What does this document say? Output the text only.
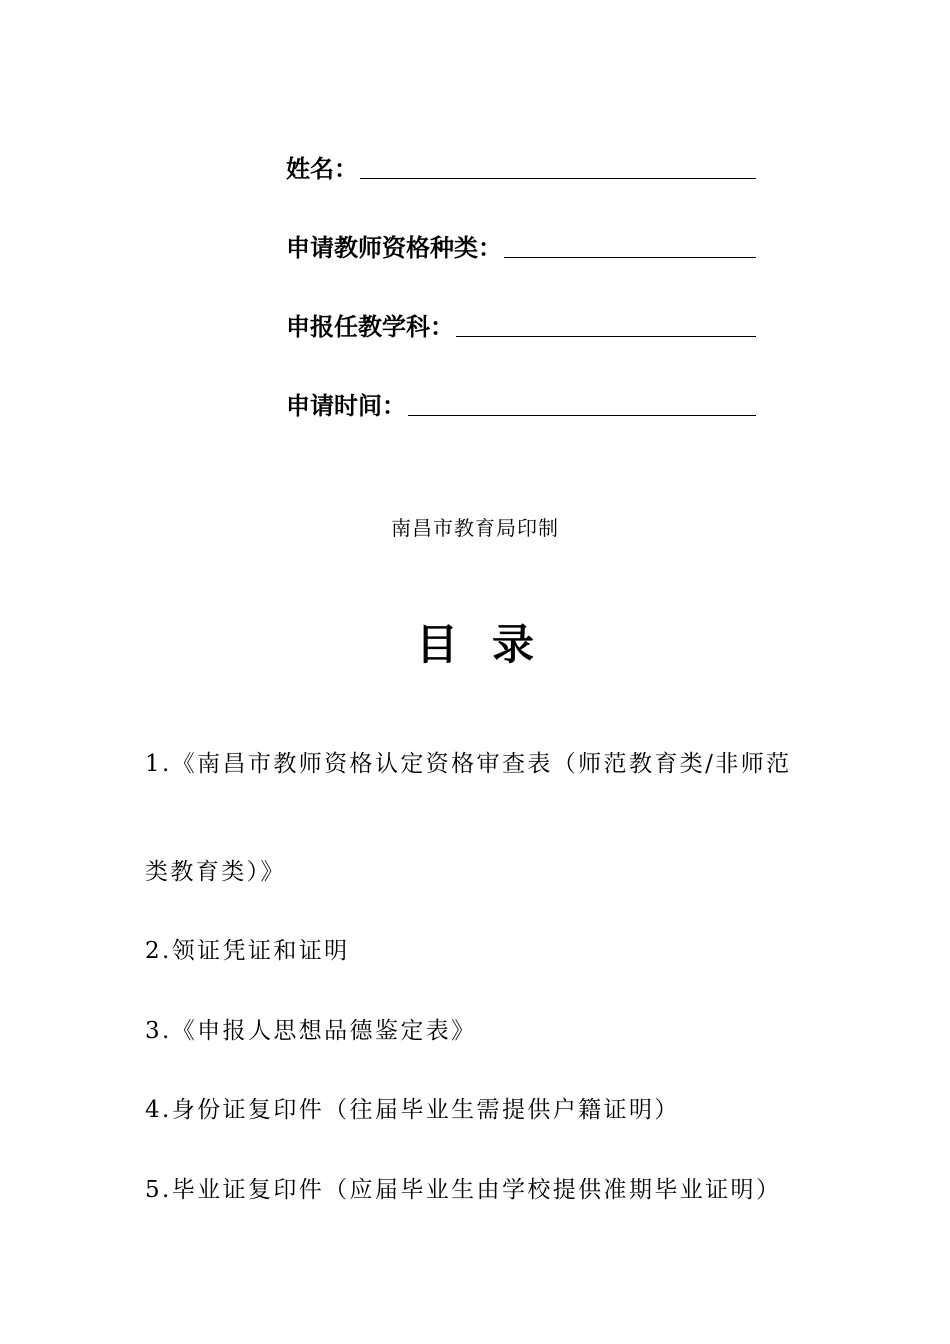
姓名：
申请教师资格种类：
申报任教学科：
申请时间：
南昌市教育局印制
目录
1.《南昌市教师资格认定资格审查表（师范教育类/非师范
类教育类）》
2.领证凭证和证明
3.《申报人思想品德鉴定表》
4.身份证复印件（往届毕业生需提供户籍证明）
5.毕业证复印件（应届毕业生由学校提供准期毕业证明）
